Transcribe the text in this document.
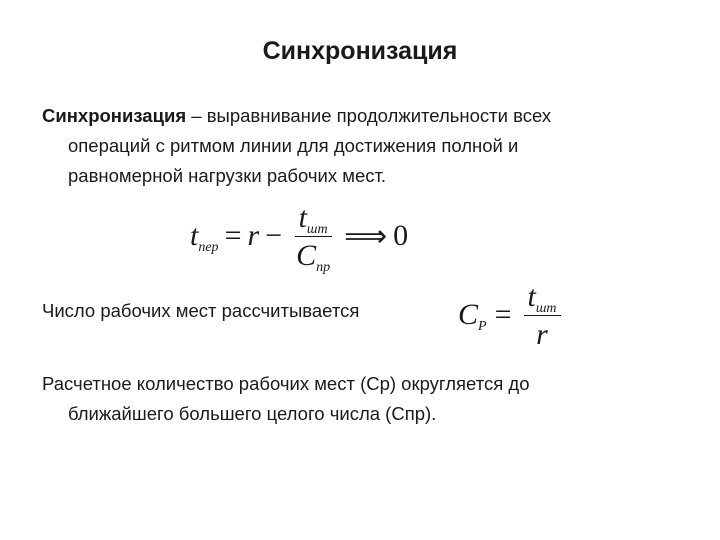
Синхронизация
Синхронизация – выравнивание продолжительности всех
операций с ритмом линии для достижения полной и
равномерной нагрузки рабочих мест.
$t_{пер} = r - \frac{t_{шт}}{C_{пр}}$ ⟹ 0
Число рабочих мест рассчитывается	$C_P = \frac{t_{шт}}{r}$
Расчетное количество рабочих мест (Ср) округляется до
ближайшего большего целого числа (Спр).
